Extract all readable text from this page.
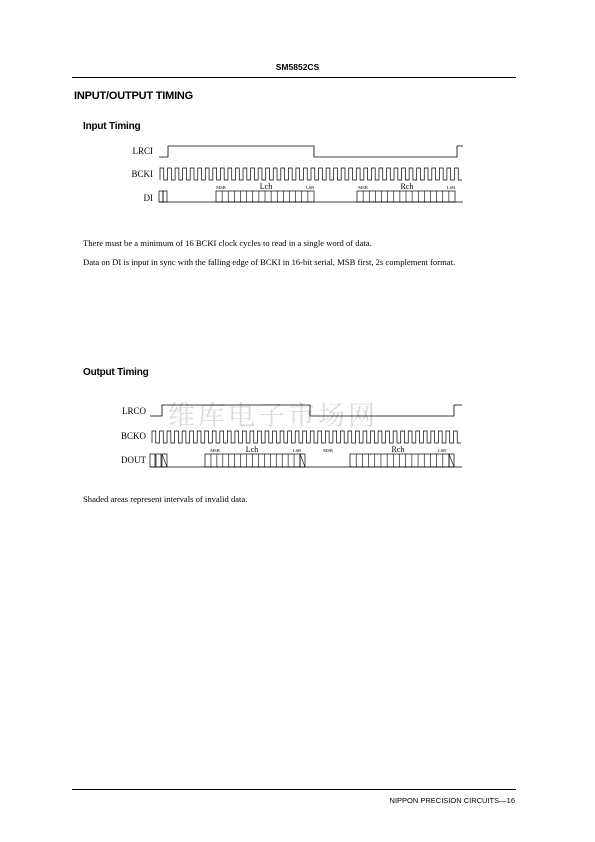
SM5852CS
INPUT/OUTPUT TIMING
Input Timing
LRCI
BCKI
DI
MSB	Lch	LSB	MSB	Rch	LSB
There must be a minimum of 16 BCKI clock cycles to read in a single word of data.
Data on DI is input in sync with the falling edge of BCKI in 16-bit serial, MSB first, 2s complement format.
Output Timing
维库电子市场网
LRCO
BCKO
DOUT
MSB	Lch	LSB	MSB	Rch	LSB
Shaded areas represent intervals of invalid data.
NIPPON PRECISION CIRCUITS—16
